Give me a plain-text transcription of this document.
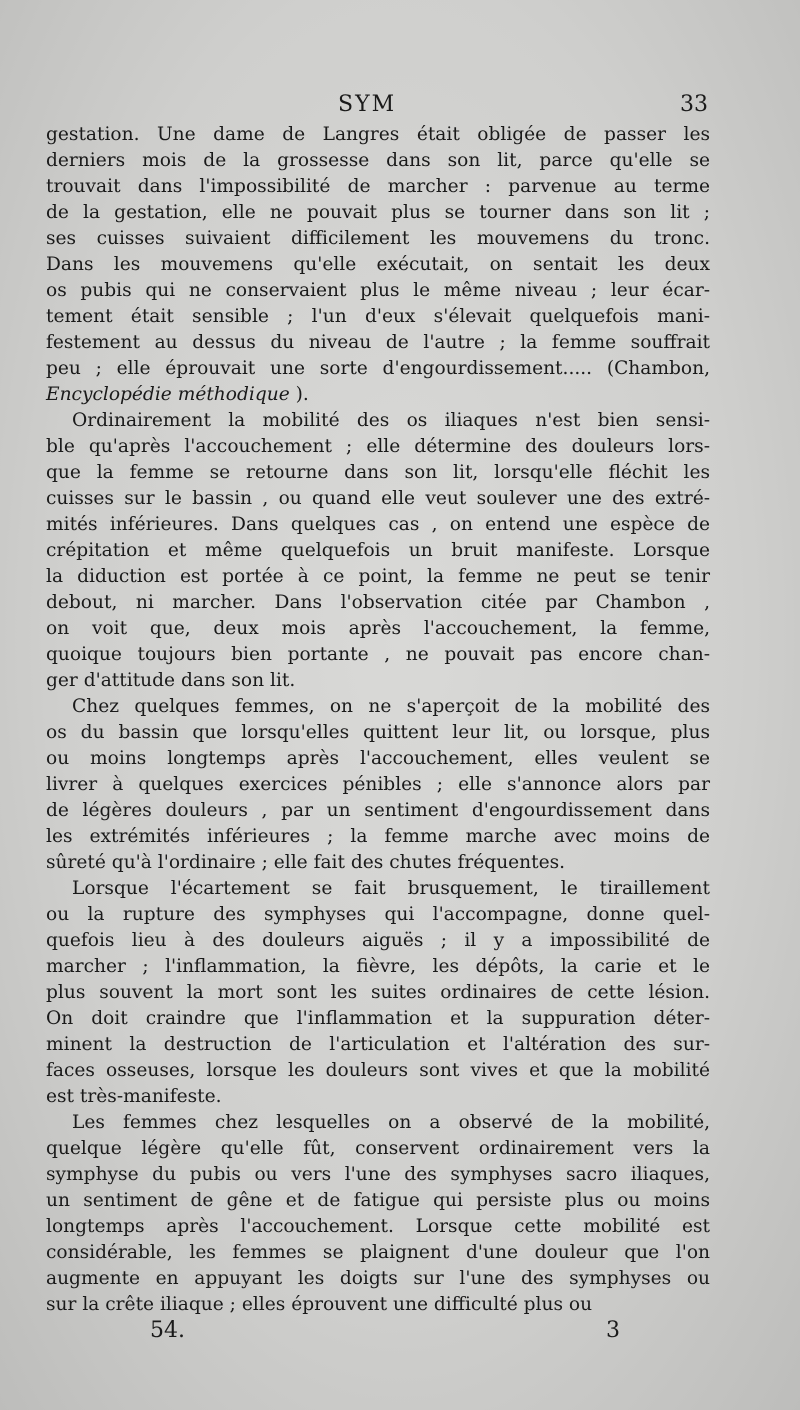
SYM	33
gestation. Une dame de Langres était obligée de passer les
derniers mois de la grossesse dans son lit, parce qu'elle se
trouvait dans l'impossibilité de marcher : parvenue au terme
de la gestation, elle ne pouvait plus se tourner dans son lit ;
ses cuisses suivaient difficilement les mouvemens du tronc.
Dans les mouvemens qu'elle exécutait, on sentait les deux
os pubis qui ne conservaient plus le même niveau ; leur écar-
tement était sensible ; l'un d'eux s'élevait quelquefois mani-
festement au dessus du niveau de l'autre ; la femme souffrait
peu ; elle éprouvait une sorte d'engourdissement..... (Chambon,
Encyclopédie méthodique ).
Ordinairement la mobilité des os iliaques n'est bien sensi-
ble qu'après l'accouchement ; elle détermine des douleurs lors-
que la femme se retourne dans son lit, lorsqu'elle fléchit les
cuisses sur le bassin , ou quand elle veut soulever une des extré-
mités inférieures. Dans quelques cas , on entend une espèce de
crépitation et même quelquefois un bruit manifeste. Lorsque
la diduction est portée à ce point, la femme ne peut se tenir
debout, ni marcher. Dans l'observation citée par Chambon ,
on voit que, deux mois après l'accouchement, la femme,
quoique toujours bien portante , ne pouvait pas encore chan-
ger d'attitude dans son lit.
Chez quelques femmes, on ne s'aperçoit de la mobilité des
os du bassin que lorsqu'elles quittent leur lit, ou lorsque, plus
ou moins longtemps après l'accouchement, elles veulent se
livrer à quelques exercices pénibles ; elle s'annonce alors par
de légères douleurs , par un sentiment d'engourdissement dans
les extrémités inférieures ; la femme marche avec moins de
sûreté qu'à l'ordinaire ; elle fait des chutes fréquentes.
Lorsque l'écartement se fait brusquement, le tiraillement
ou la rupture des symphyses qui l'accompagne, donne quel-
quefois lieu à des douleurs aiguës ; il y a impossibilité de
marcher ; l'inflammation, la fièvre, les dépôts, la carie et le
plus souvent la mort sont les suites ordinaires de cette lésion.
On doit craindre que l'inflammation et la suppuration déter-
minent la destruction de l'articulation et l'altération des sur-
faces osseuses, lorsque les douleurs sont vives et que la mobilité
est très-manifeste.
Les femmes chez lesquelles on a observé de la mobilité,
quelque légère qu'elle fût, conservent ordinairement vers la
symphyse du pubis ou vers l'une des symphyses sacro iliaques,
un sentiment de gêne et de fatigue qui persiste plus ou moins
longtemps après l'accouchement. Lorsque cette mobilité est
considérable, les femmes se plaignent d'une douleur que l'on
augmente en appuyant les doigts sur l'une des symphyses ou
sur la crête iliaque ; elles éprouvent une difficulté plus ou
54.	3
